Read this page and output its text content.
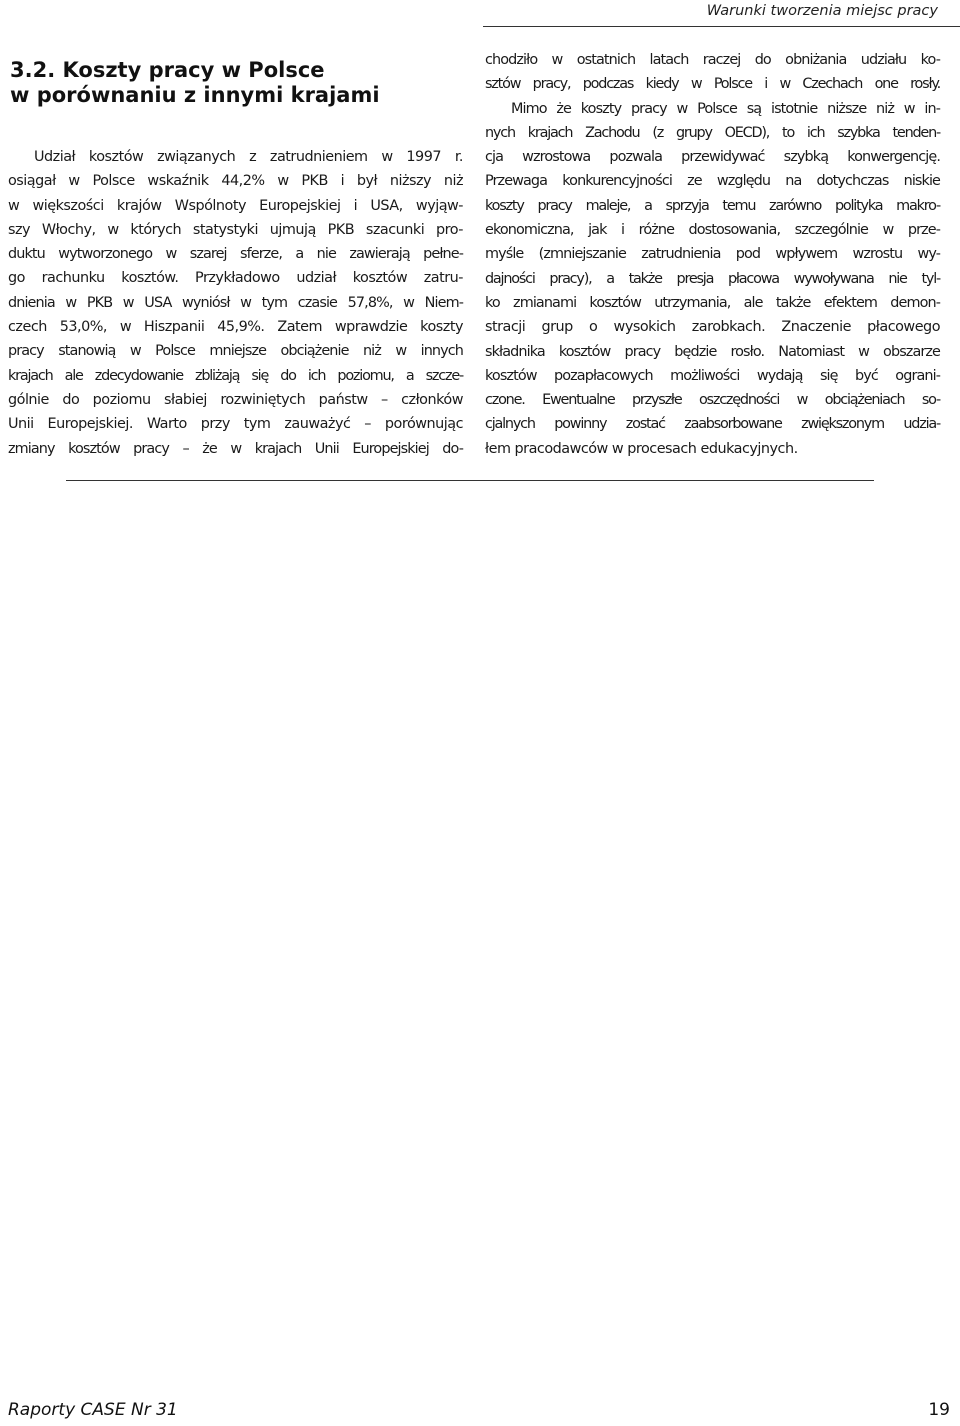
Warunki tworzenia miejsc pracy
3.2. Koszty pracy w Polsce
w porównaniu z innymi krajami
Udział kosztów związanych z zatrudnieniem w 1997 r.
osiągał w Polsce wskaźnik 44,2% w PKB i był niższy niż
w większości krajów Wspólnoty Europejskiej i USA, wyjąw-
szy Włochy, w których statystyki ujmują PKB szacunki pro-
duktu wytworzonego w szarej sferze, a nie zawierają pełne-
go rachunku kosztów. Przykładowo udział kosztów zatru-
dnienia w PKB w USA wyniósł w tym czasie 57,8%, w Niem-
czech 53,0%, w Hiszpanii 45,9%. Zatem wprawdzie koszty
pracy stanowią w Polsce mniejsze obciążenie niż w innych
krajach ale zdecydowanie zbliżają się do ich poziomu, a szcze-
gólnie do poziomu słabiej rozwiniętych państw – członków
Unii Europejskiej. Warto przy tym zauważyć – porównując
zmiany kosztów pracy – że w krajach Unii Europejskiej do-
chodziło w ostatnich latach raczej do obniżania udziału ko-
sztów pracy, podczas kiedy w Polsce i w Czechach one rosły.
Mimo że koszty pracy w Polsce są istotnie niższe niż w in-
nych krajach Zachodu (z grupy OECD), to ich szybka tenden-
cja wzrostowa pozwala przewidywać szybką konwergencję.
Przewaga konkurencyjności ze względu na dotychczas niskie
koszty pracy maleje, a sprzyja temu zarówno polityka makro-
ekonomiczna, jak i różne dostosowania, szczególnie w prze-
myśle (zmniejszanie zatrudnienia pod wpływem wzrostu wy-
dajności pracy), a także presja płacowa wywoływana nie tyl-
ko zmianami kosztów utrzymania, ale także efektem demon-
stracji grup o wysokich zarobkach. Znaczenie płacowego
składnika kosztów pracy będzie rosło. Natomiast w obszarze
kosztów pozapłacowych możliwości wydają się być ograni-
czone. Ewentualne przyszłe oszczędności w obciążeniach so-
cjalnych powinny zostać zaabsorbowane zwiększonym udzia-
łem pracodawców w procesach edukacyjnych.
Raporty CASE Nr 31	19
